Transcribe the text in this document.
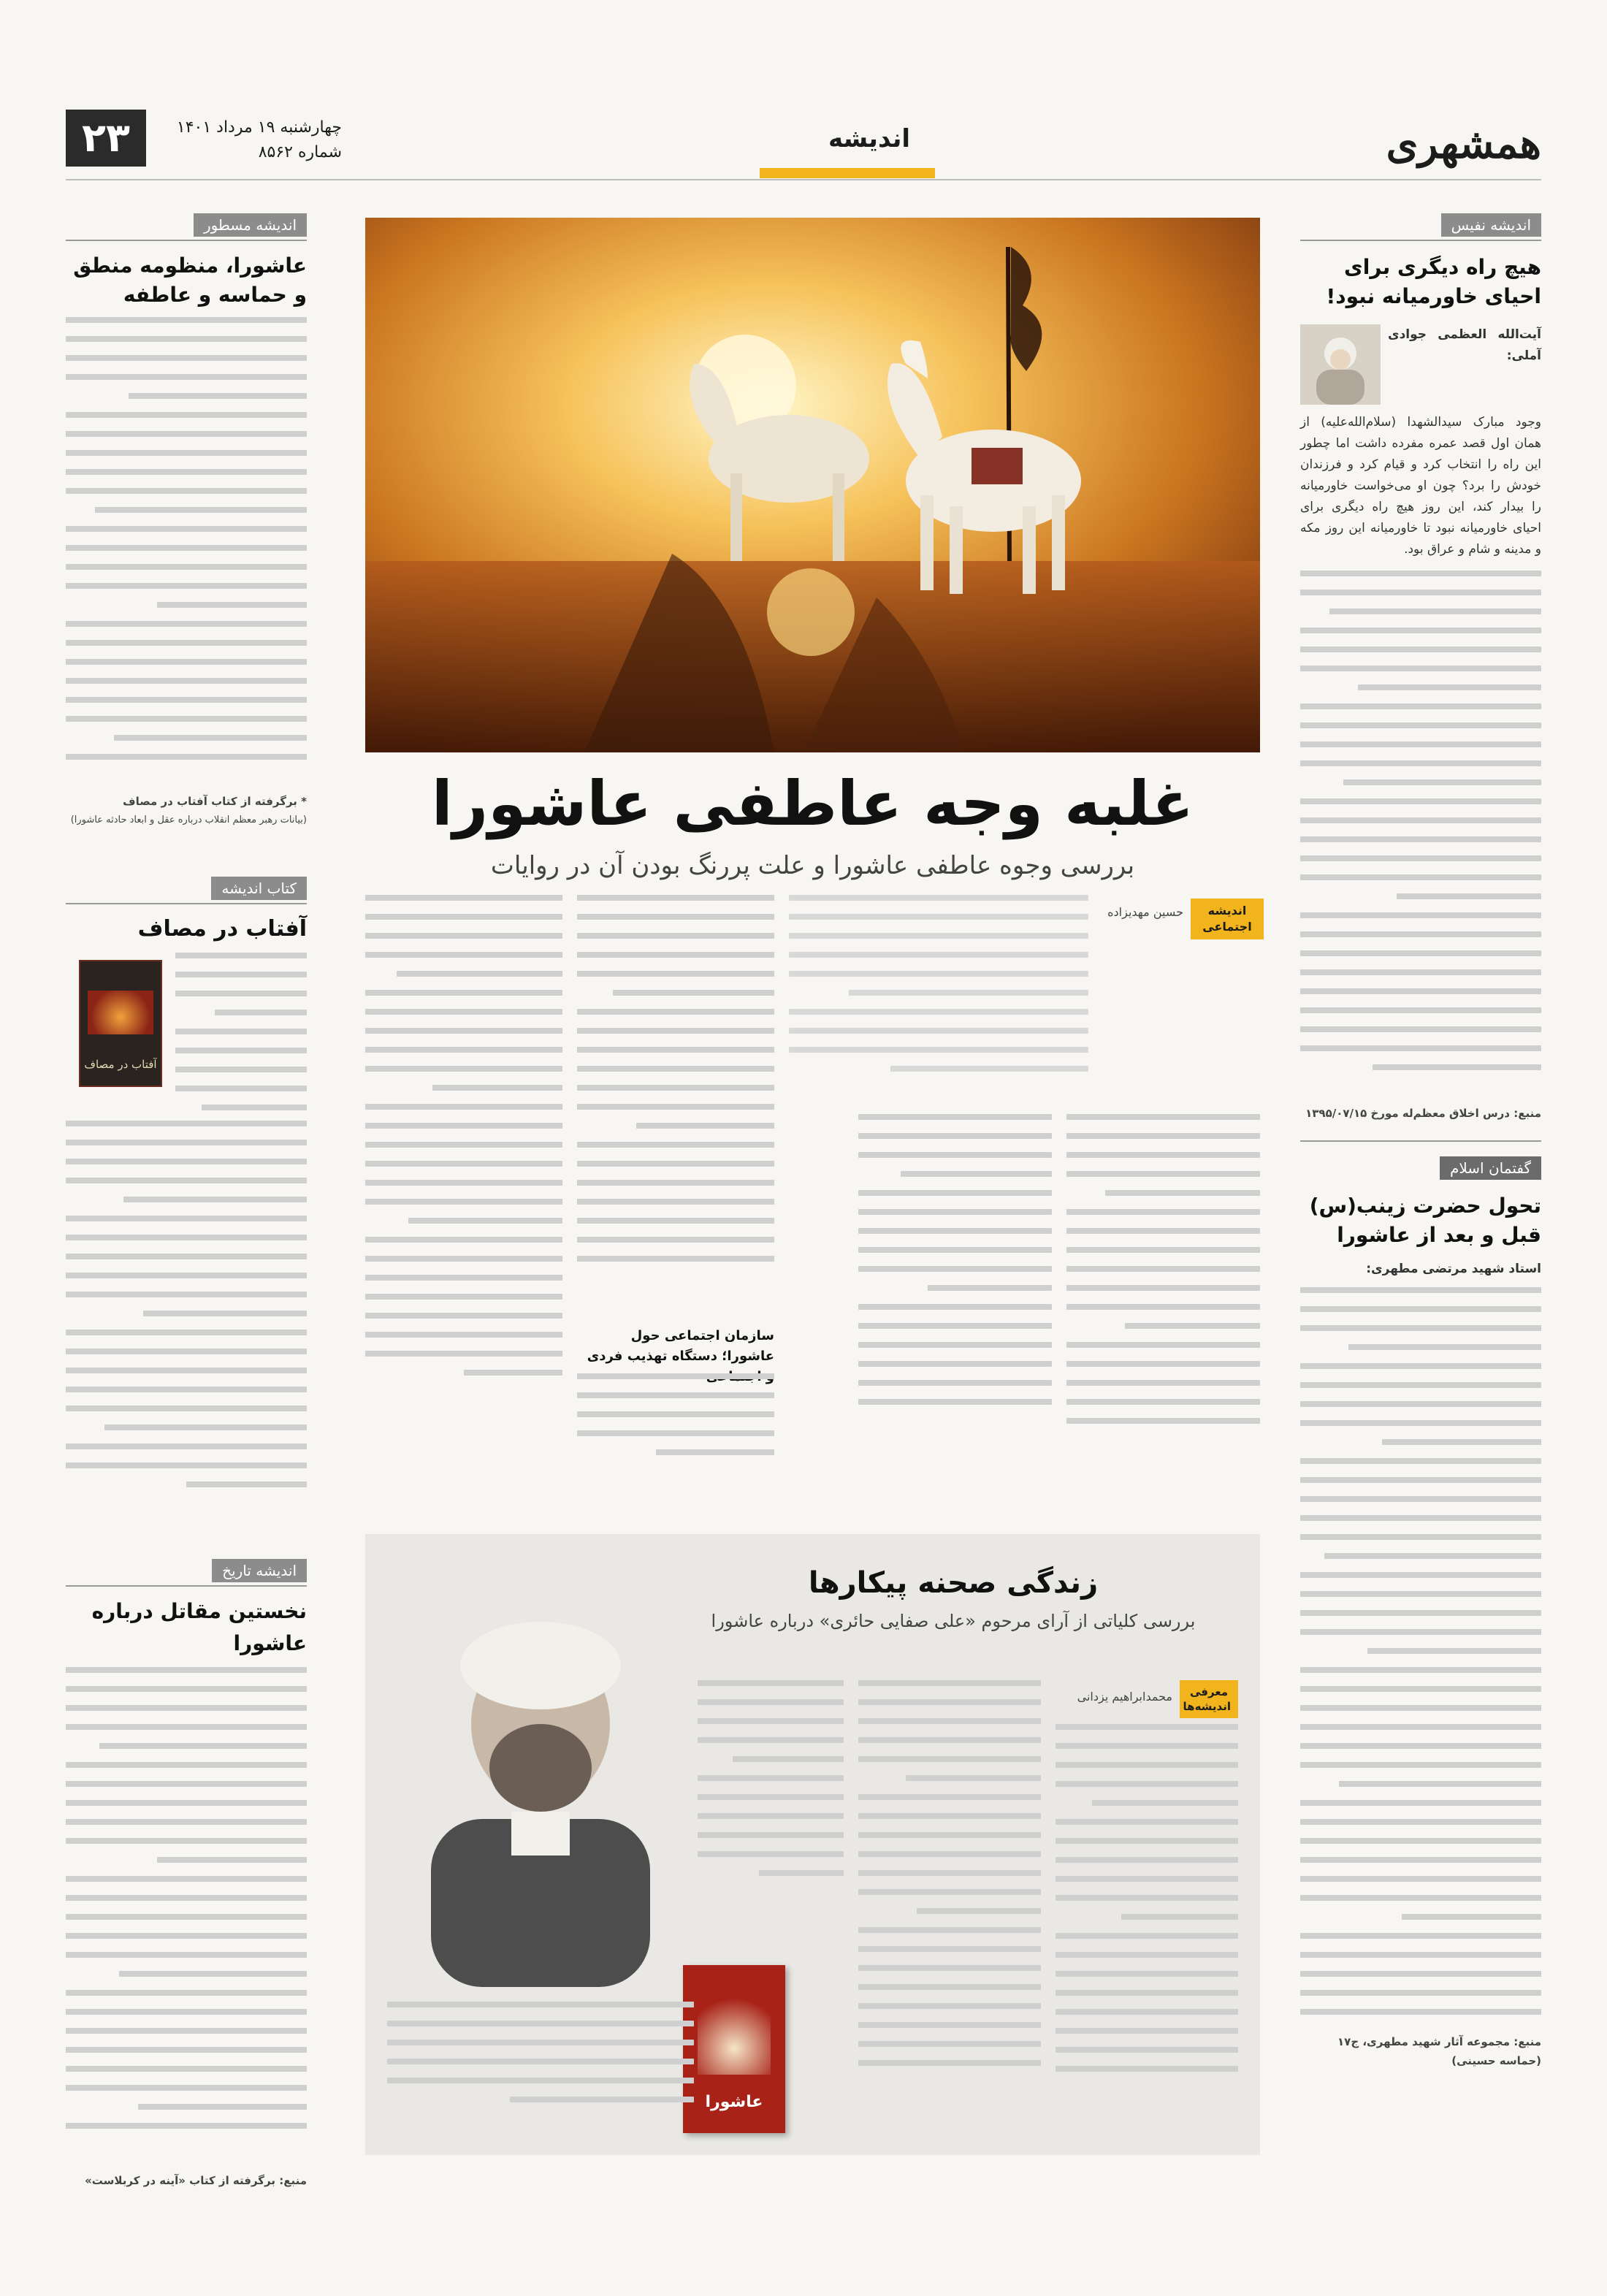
همشهری
چهارشنبه ۱۹ مرداد ۱۴۰۱
شماره ۸۵۶۲
۲۳	اندیشه
اندیشه نفیس
هیچ راه دیگری برای احیای خاورمیانه نبود!
آیت‌الله العظمی جوادی آملی:
وجود مبارک سیدالشهدا (سلام‌الله‌علیه) از همان اول قصد عمره مفرده داشت اما چطور این راه را انتخاب کرد و قیام کرد و فرزندان خودش را برد؟ چون او می‌خواست خاورمیانه را بیدار کند، این روز هیچ راه دیگری برای احیای خاورمیانه نبود تا خاورمیانه این روز مکه و مدینه و شام و عراق بود.
منبع: درس اخلاق معظم‌له مورخ ۱۳۹۵/۰۷/۱۵
گفتمان اسلام
تحول حضرت زینب(س) قبل و بعد از عاشورا
استاد شهید مرتضی مطهری:
منبع: مجموعه آثار شهید مطهری، ج۱۷ (حماسه حسینی)
اندیشه مسطور
عاشورا، منظومه منطق و حماسه و عاطفه
* برگرفته از کتاب آفتاب در مصاف
(بیانات رهبر معظم انقلاب درباره عقل و ابعاد حادثه عاشورا)
کتاب اندیشه
آفتاب در مصاف
آفتاب در مصاف
اندیشه تاریخ
نخستین مقاتل درباره عاشورا
منبع: برگرفته از کتاب «آینه در کربلاست»
غلبه وجه عاطفی عاشورا
بررسی وجوه عاطفی عاشورا و علت پررنگ بودن آن در روایات
اندیشه اجتماعی
حسین مهدیزاده
سازمان اجتماعی حول عاشورا؛ دستگاه تهذیب فردی
زندگی صحنه پیکارها
بررسی کلیاتی از آرای مرحوم «علی صفایی حائری» درباره عاشورا
معرفی اندیشه‌ها
محمدابراهیم یزدانی
عاشورا
